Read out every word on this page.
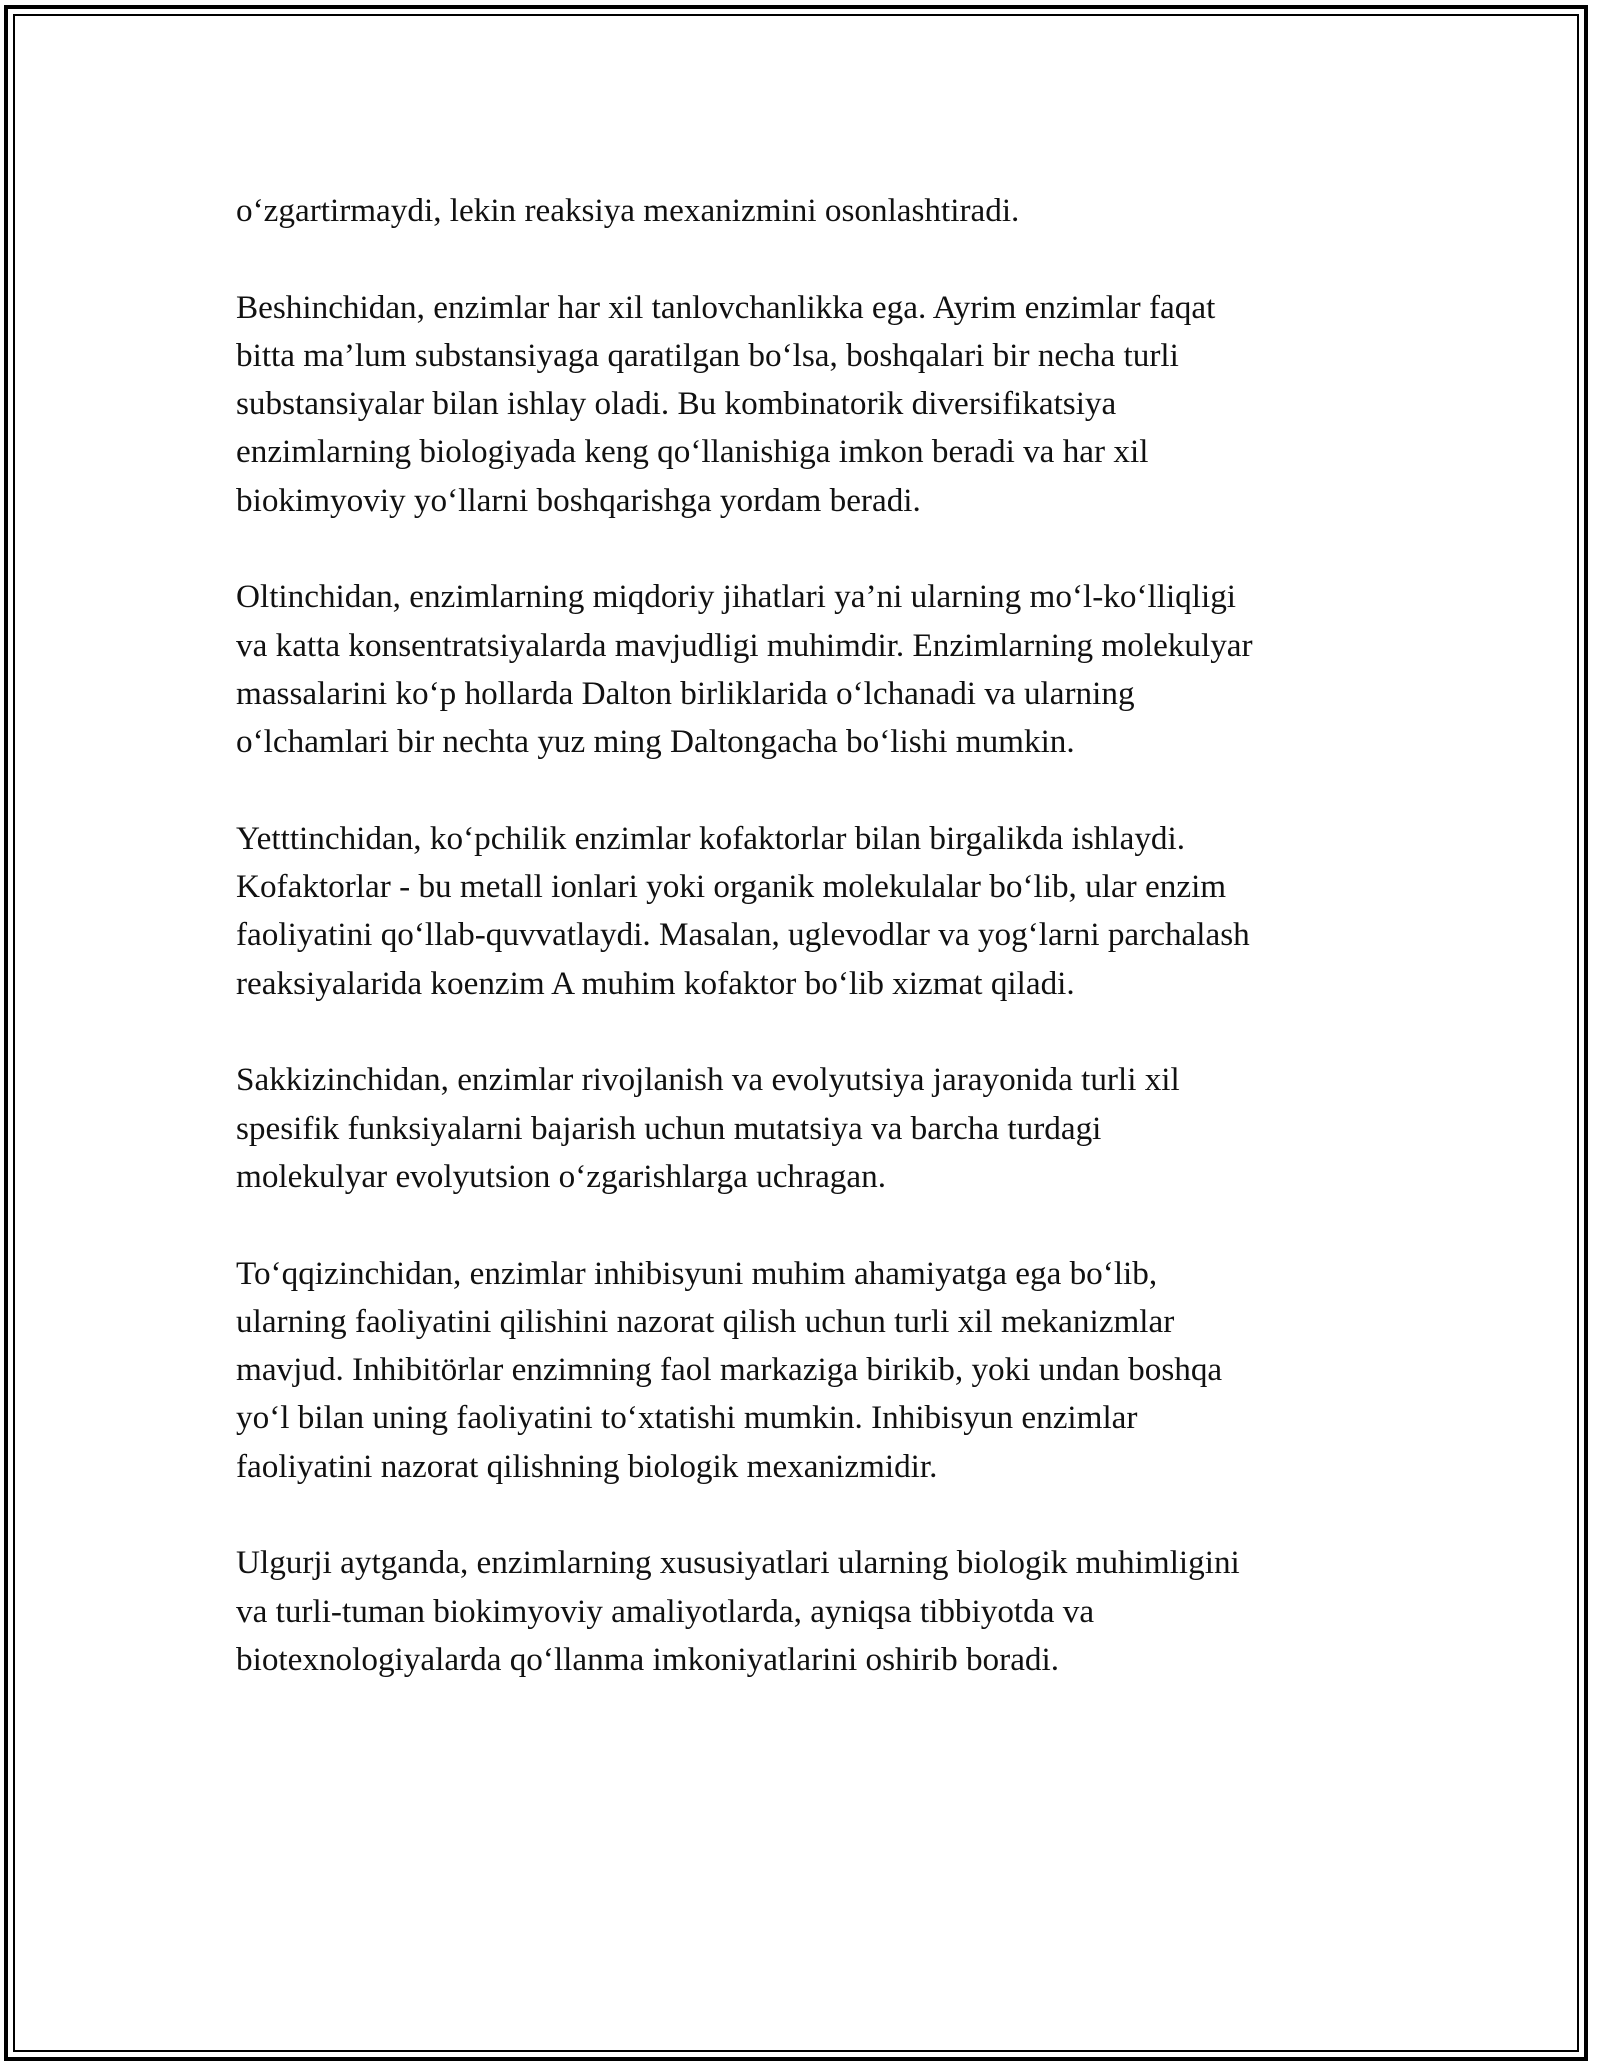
o‘zgartirmaydi, lekin reaksiya mexanizmini osonlashtiradi.

Beshinchidan, enzimlar har xil tanlovchanlikka ega. Ayrim enzimlar faqat
bitta ma’lum substansiyaga qaratilgan bo‘lsa, boshqalari bir necha turli
substansiyalar bilan ishlay oladi. Bu kombinatorik diversifikatsiya
enzimlarning biologiyada keng qo‘llanishiga imkon beradi va har xil
biokimyoviy yo‘llarni boshqarishga yordam beradi.

Oltinchidan, enzimlarning miqdoriy jihatlari ya’ni ularning mo‘l-ko‘lliqligi
va katta konsentratsiyalarda mavjudligi muhimdir. Enzimlarning molekulyar
massalarini ko‘p hollarda Dalton birliklarida o‘lchanadi va ularning
o‘lchamlari bir nechta yuz ming Daltongacha bo‘lishi mumkin.

Yetttinchidan, ko‘pchilik enzimlar kofaktorlar bilan birgalikda ishlaydi.
Kofaktorlar - bu metall ionlari yoki organik molekulalar bo‘lib, ular enzim
faoliyatini qo‘llab-quvvatlaydi. Masalan, uglevodlar va yog‘larni parchalash
reaksiyalarida koenzim A muhim kofaktor bo‘lib xizmat qiladi.

Sakkizinchidan, enzimlar rivojlanish va evolyutsiya jarayonida turli xil
spesifik funksiyalarni bajarish uchun mutatsiya va barcha turdagi
molekulyar evolyutsion o‘zgarishlarga uchragan.

To‘qqizinchidan, enzimlar inhibisyuni muhim ahamiyatga ega bo‘lib,
ularning faoliyatini qilishini nazorat qilish uchun turli xil mekanizmlar
mavjud. Inhibitörlar enzimning faol markaziga birikib, yoki undan boshqa
yo‘l bilan uning faoliyatini to‘xtatishi mumkin. Inhibisyun enzimlar
faoliyatini nazorat qilishning biologik mexanizmidir.

Ulgurji aytganda, enzimlarning xususiyatlari ularning biologik muhimligini
va turli-tuman biokimyoviy amaliyotlarda, ayniqsa tibbiyotda va
biotexnologiyalarda qo‘llanma imkoniyatlarini oshirib boradi.
